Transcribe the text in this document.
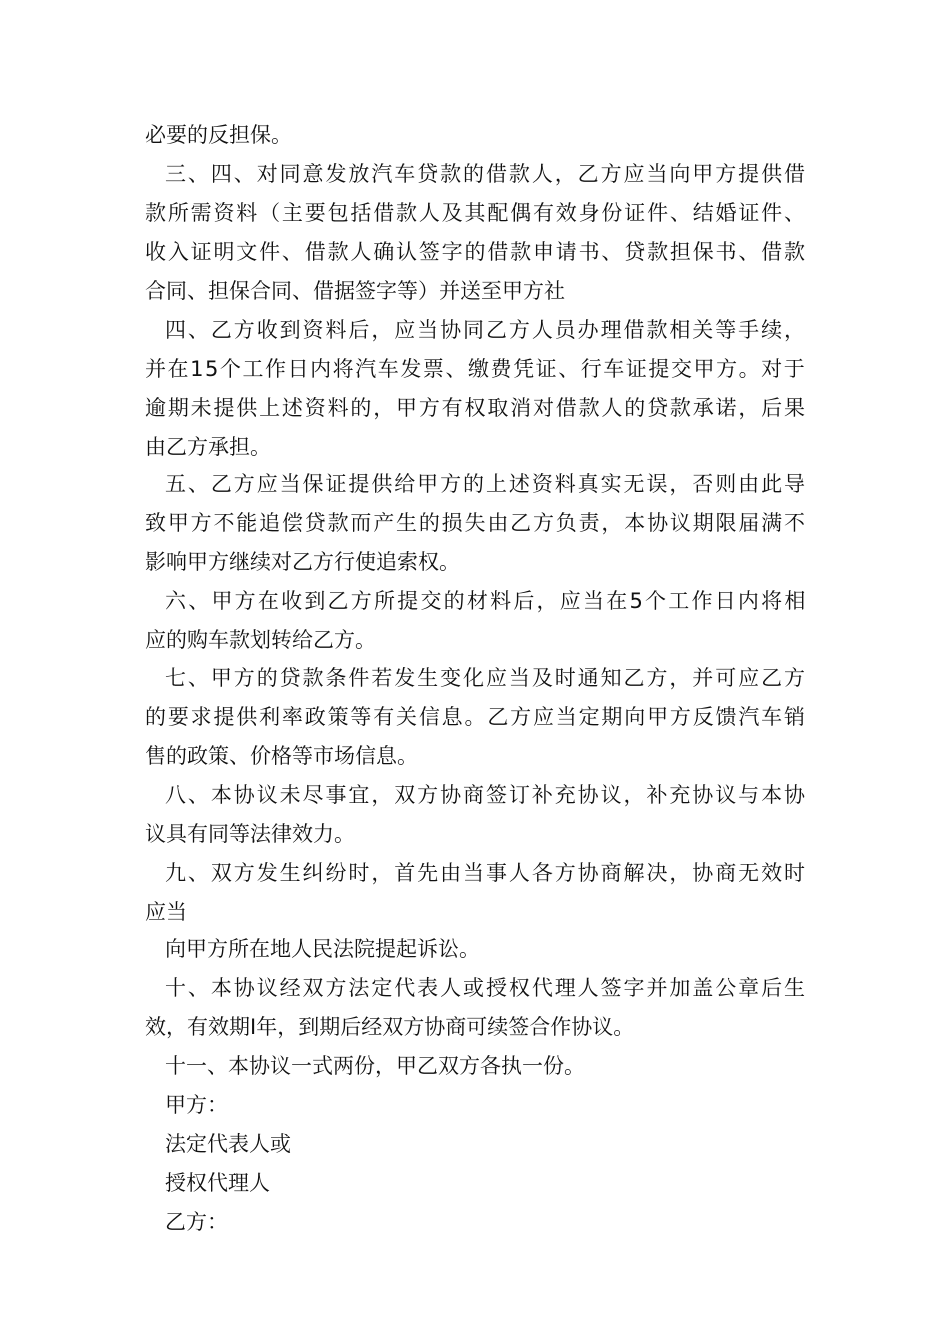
必要的反担保。

三、四、对同意发放汽车贷款的借款人，乙方应当向甲方提供借

款所需资料（主要包括借款人及其配偶有效身份证件、结婚证件、

收入证明文件、借款人确认签字的借款申请书、贷款担保书、借款

合同、担保合同、借据签字等）并送至甲方社

四、乙方收到资料后，应当协同乙方人员办理借款相关等手续，

并在15个工作日内将汽车发票、缴费凭证、行车证提交甲方。对于

逾期未提供上述资料的，甲方有权取消对借款人的贷款承诺，后果

由乙方承担。

五、乙方应当保证提供给甲方的上述资料真实无误，否则由此导

致甲方不能追偿贷款而产生的损失由乙方负责，本协议期限届满不

影响甲方继续对乙方行使追索权。

六、甲方在收到乙方所提交的材料后，应当在5个工作日内将相

应的购车款划转给乙方。

七、甲方的贷款条件若发生变化应当及时通知乙方，并可应乙方

的要求提供利率政策等有关信息。乙方应当定期向甲方反馈汽车销

售的政策、价格等市场信息。

八、本协议未尽事宜，双方协商签订补充协议，补充协议与本协

议具有同等法律效力。

九、双方发生纠纷时，首先由当事人各方协商解决，协商无效时

应当

向甲方所在地人民法院提起诉讼。

十、本协议经双方法定代表人或授权代理人签字并加盖公章后生

效，有效期I年，到期后经双方协商可续签合作协议。

十一、本协议一式两份，甲乙双方各执一份。

甲方：

法定代表人或

授权代理人

乙方：
